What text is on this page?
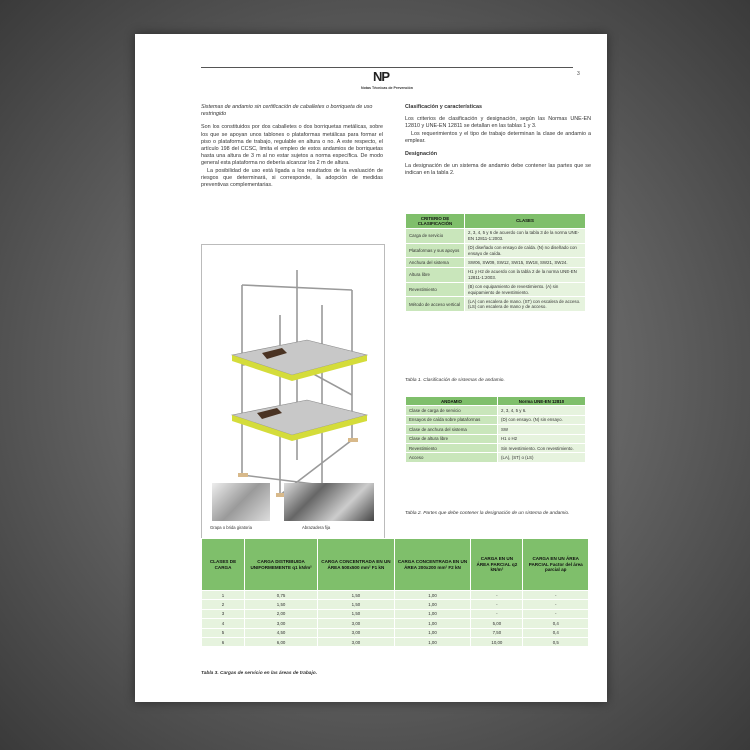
NP
Notas Técnicas de Prevención
3

Sistemas de andamio sin certificación de caballetes o borriqueta de uso restringido

Son los constituidos por dos caballetes o dos borriquetas metálicas, sobre los que se apoyan unos tablones o plataformas metálicas para formar el piso o plataforma de trabajo, regulable en altura o no. A este respecto, el artículo 198 del CCSC, limita el empleo de estos andamios de borriquetas hasta una altura de 3 m al no estar sujetos a norma específica. De modo general esta plataforma no debería alcanzar los 2 m de altura.

La posibilidad de uso está ligada a los resultados de la evaluación de riesgos que determinará, si corresponde, la adopción de medidas preventivas complementarias.

Grapa o brida giratoria	Abrazadera fija

Clasificación y características

Los criterios de clasificación y designación, según las Normas UNE-EN 12810 y UNE-EN 12811 se detallan en las tablas 1 y 3.

Los requerimientos y el tipo de trabajo determinan la clase de andamio a emplear.

Designación

La designación de un sistema de andamio debe contener las partes que se indican en la tabla 2.

CRITERIO DE CLASIFICACIÓN	CLASES
Carga de servicio	2, 3, 4, 5 y 6 de acuerdo con la tabla 3 de la norma UNE-EN 12811-1:2003.
Plataformas y sus apoyos	(D) diseñado con ensayo de caída. (N) no diseñado con ensayo de caída.
Anchura del sistema	SW06, SW09, SW12, SW15, SW18, SW21, SW24.
Altura libre	H1 y H2 de acuerdo con la tabla 2 de la norma UNE-EN 12811-1:2003.
Revestimiento	(B) con equipamiento de revestimiento. (A) sin equipamiento de revestimiento.
Método de acceso vertical	(LA) con escalera de mano. (ST) con escalera de acceso. (LS) con escalera de mano y de acceso.
Tabla 1. Clasificación de sistemas de andamio.
ANDAMIO	Norma UNE-EN 12810
Clase de carga de servicio	2, 3, 4, 5 y 6.
Ensayos de caída sobre plataformas	(D) con ensayo. (N) sin ensayo.
Clase de anchura del sistema	SW
Clase de altura libre	H1 o H2
Revestimiento	Sin revestimiento. Con revestimiento.
Acceso	(LA), (ST) o (LS)
Tabla 2. Partes que debe contener la designación de un sistema de andamio.
CLASES DE CARGA	CARGA DISTRIBUIDA UNIFORMEMENTE q1 kN/m²	CARGA CONCENTRADA EN UN ÁREA 500x500 mm² F1 kN	CARGA CONCENTRADA EN UN ÁREA 200x200 mm² F2 kN	CARGA EN UN ÁREA PARCIAL q2 kN/m²	CARGA EN UN ÁREA PARCIAL Factor del área parcial ap
1	0,75	1,50	1,00	-	-
2	1,50	1,50	1,00	-	-
3	2,00	1,50	1,00	-	-
4	3,00	3,00	1,00	5,00	0,4
5	4,50	3,00	1,00	7,50	0,4
6	6,00	3,00	1,00	10,00	0,5
Tabla 3. Cargas de servicio en las áreas de trabajo.
